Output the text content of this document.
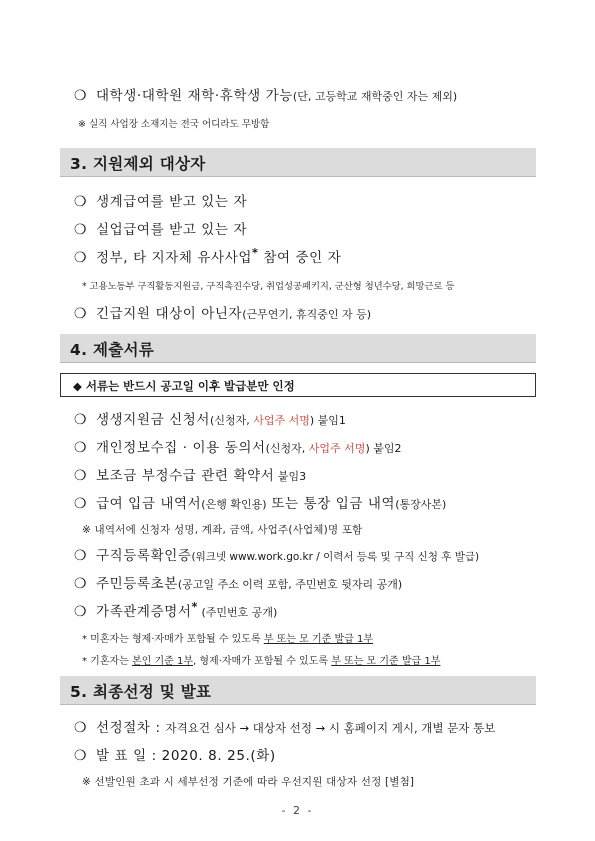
❍ 대학생·대학원 재학·휴학생 가능(단, 고등학교 재학중인 자는 제외)
※ 실직 사업장 소재지는 전국 어디라도 무방함
3. 지원제외 대상자
❍ 생계급여를 받고 있는 자
❍ 실업급여를 받고 있는 자
❍ 정부, 타 지자체 유사사업* 참여 중인 자
* 고용노동부 구직활동지원금, 구직촉진수당, 취업성공패키지, 군산형 청년수당, 희망근로 등
❍ 긴급지원 대상이 아닌자(근무연기, 휴직중인 자 등)
4. 제출서류
◆ 서류는 반드시 공고일 이후 발급분만 인정
❍ 생생지원금 신청서(신청자, 사업주 서명) 붙임1
❍ 개인정보수집 · 이용 동의서(신청자, 사업주 서명) 붙임2
❍ 보조금 부정수급 관련 확약서 붙임3
❍ 급여 입금 내역서(은행 확인용) 또는 통장 입금 내역(통장사본)
※ 내역서에 신청자 성명, 계좌, 금액, 사업주(사업체)명 포함
❍ 구직등록확인증(워크넷 www.work.go.kr / 이력서 등록 및 구직 신청 후 발급)
❍ 주민등록초본(공고일 주소 이력 포함, 주민번호 뒷자리 공개)
❍ 가족관계증명서* (주민번호 공개)
* 미혼자는 형제·자매가 포함될 수 있도록 부 또는 모 기준 발급 1부
* 기혼자는 본인 기준 1부, 형제·자매가 포함될 수 있도록 부 또는 모 기준 발급 1부
5. 최종선정 및 발표
❍ 선정절차 : 자격요건 심사 → 대상자 선정 → 시 홈페이지 게시, 개별 문자 통보
❍ 발 표 일 : 2020. 8. 25.(화)
※ 선발인원 초과 시 세부선정 기준에 따라 우선지원 대상자 선정 [별첨]
- 2 -
